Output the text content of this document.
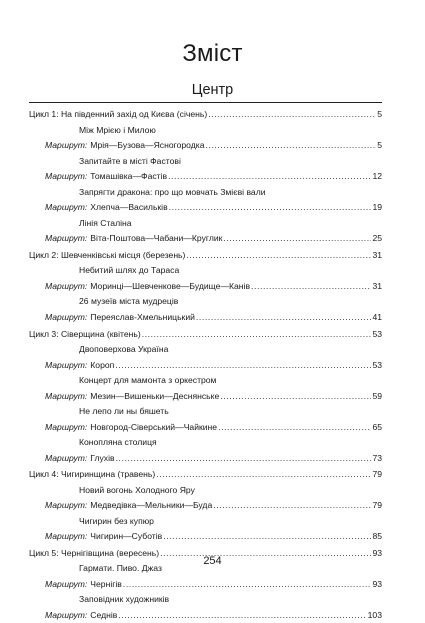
Зміст
Центр
Цикл 1: На південний захід од Києва (січень) .....	5
Між Мрією і Милою
Маршрут: Мрія—Бузова—Ясногородка .....	5
Запитайте в місті Фастові
Маршрут: Томашівка—Фастів .....	12
Запрягти дракона: про що мовчать Змієві вали
Маршрут: Хлепча—Васильків .....	19
Лінія Сталіна
Маршрут: Віта-Поштова—Чабани—Круглик .....	25
Цикл 2: Шевченківські місця (березень) .....	31
Небитий шлях до Тараса
Маршрут: Моринці—Шевченкове—Будище—Канів .....	31
26 музеїв міста мудреців
Маршрут: Переяслав-Хмельницький .....	41
Цикл 3: Сіверщина (квітень) .....	53
Двоповерхова Україна
Маршрут: Короп .....	53
Концерт для мамонта з оркестром
Маршрут: Мезин—Вишеньки—Деснянське .....	59
Не лепо ли ны бяшеть
Маршрут: Новгород-Сіверський—Чайкине .....	65
Конопляна столиця
Маршрут: Глухів .....	73
Цикл 4: Чигиринщина (травень) .....	79
Новий вогонь Холодного Яру
Маршрут: Медведівка—Мельники—Буда .....	79
Чигирин без купюр
Маршрут: Чигирин—Суботів .....	85
Цикл 5: Чернігівщина (вересень) .....	93
Гармати. Пиво. Джаз
Маршрут: Чернігів .....	93
Заповідник художників
Маршрут: Седнів .....	103
254
